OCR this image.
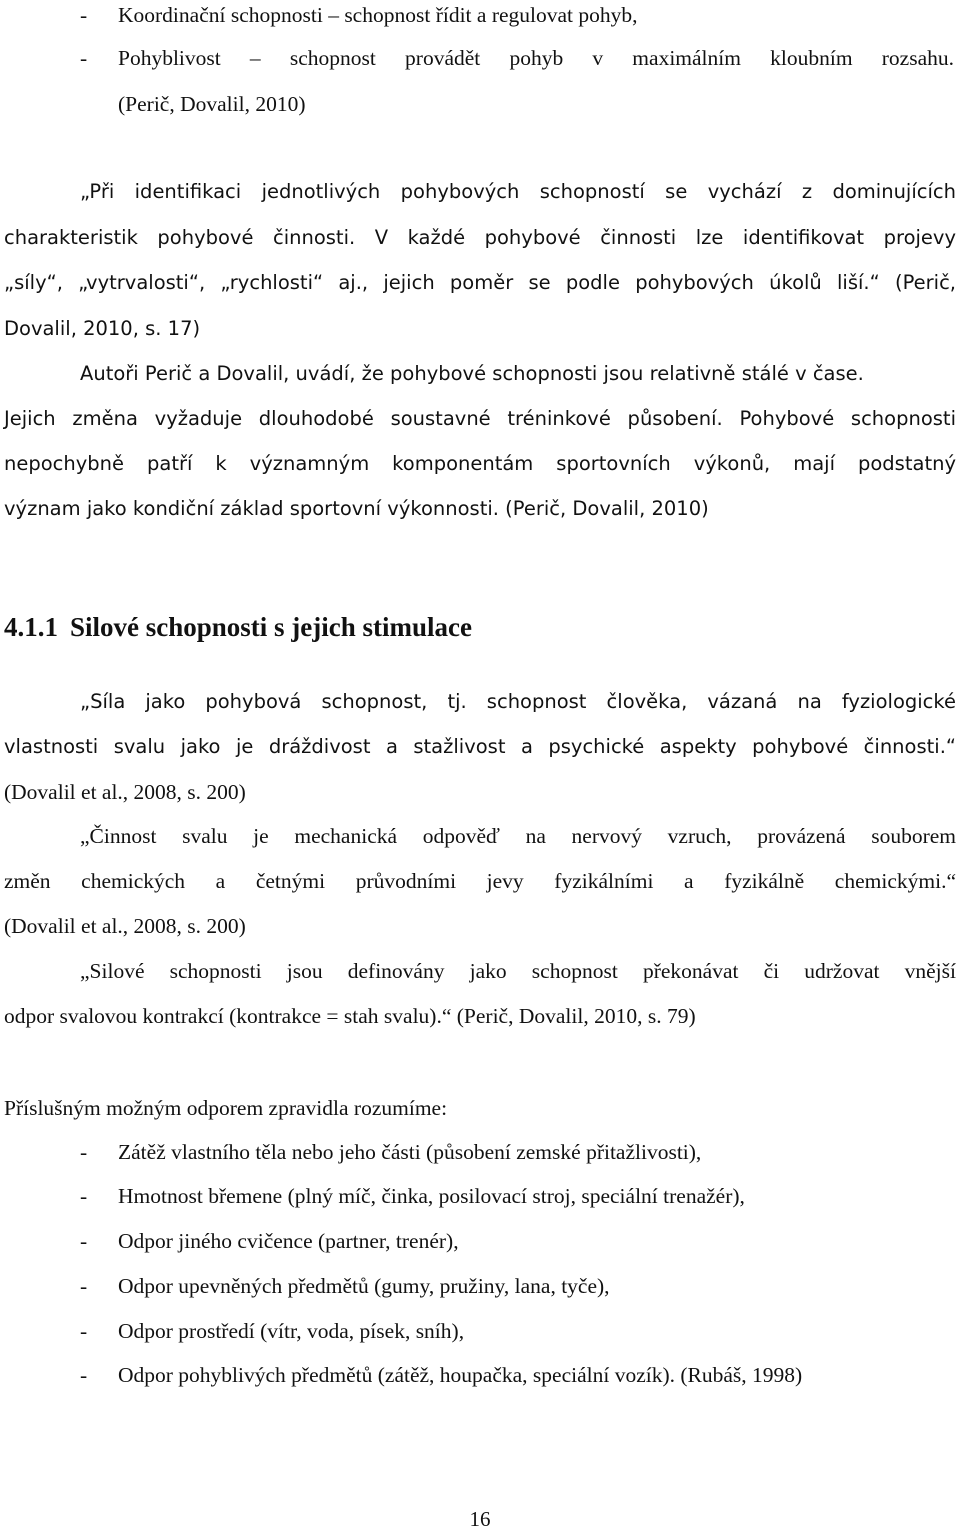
- Koordinační schopnosti – schopnost řídit a regulovat pohyb,
- Pohyblivost – schopnost provádět pohyb v maximálním kloubním rozsahu.
(Perič, Dovalil, 2010)
„Při identifikaci jednotlivých pohybových schopností se vychází z dominujících
charakteristik pohybové činnosti. V každé pohybové činnosti lze identifikovat projevy
„síly“, „vytrvalosti“, „rychlosti“ aj., jejich poměr se podle pohybových úkolů liší.“ (Perič,
Dovalil, 2010, s. 17)
Autoři Perič a Dovalil, uvádí, že pohybové schopnosti jsou relativně stálé v čase.
Jejich změna vyžaduje dlouhodobé soustavné tréninkové působení. Pohybové schopnosti
nepochybně patří k významným komponentám sportovních výkonů, mají podstatný
význam jako kondiční základ sportovní výkonnosti. (Perič, Dovalil, 2010)
4.1.1 Silové schopnosti s jejich stimulace
„Síla jako pohybová schopnost, tj. schopnost člověka, vázaná na fyziologické
vlastnosti svalu jako je dráždivost a stažlivost a psychické aspekty pohybové činnosti.“
(Dovalil et al., 2008, s. 200)
„Činnost svalu je mechanická odpověď na nervový vzruch, provázená souborem
změn chemických a četnými průvodními jevy fyzikálními a fyzikálně chemickými.“
(Dovalil et al., 2008, s. 200)
„Silové schopnosti jsou definovány jako schopnost překonávat či udržovat vnější
odpor svalovou kontrakcí (kontrakce = stah svalu).“ (Perič, Dovalil, 2010, s. 79)
Příslušným možným odporem zpravidla rozumíme:
- Zátěž vlastního těla nebo jeho části (působení zemské přitažlivosti),
- Hmotnost břemene (plný míč, činka, posilovací stroj, speciální trenažér),
- Odpor jiného cvičence (partner, trenér),
- Odpor upevněných předmětů (gumy, pružiny, lana, tyče),
- Odpor prostředí (vítr, voda, písek, sníh),
- Odpor pohyblivých předmětů (zátěž, houpačka, speciální vozík). (Rubáš, 1998)
16
